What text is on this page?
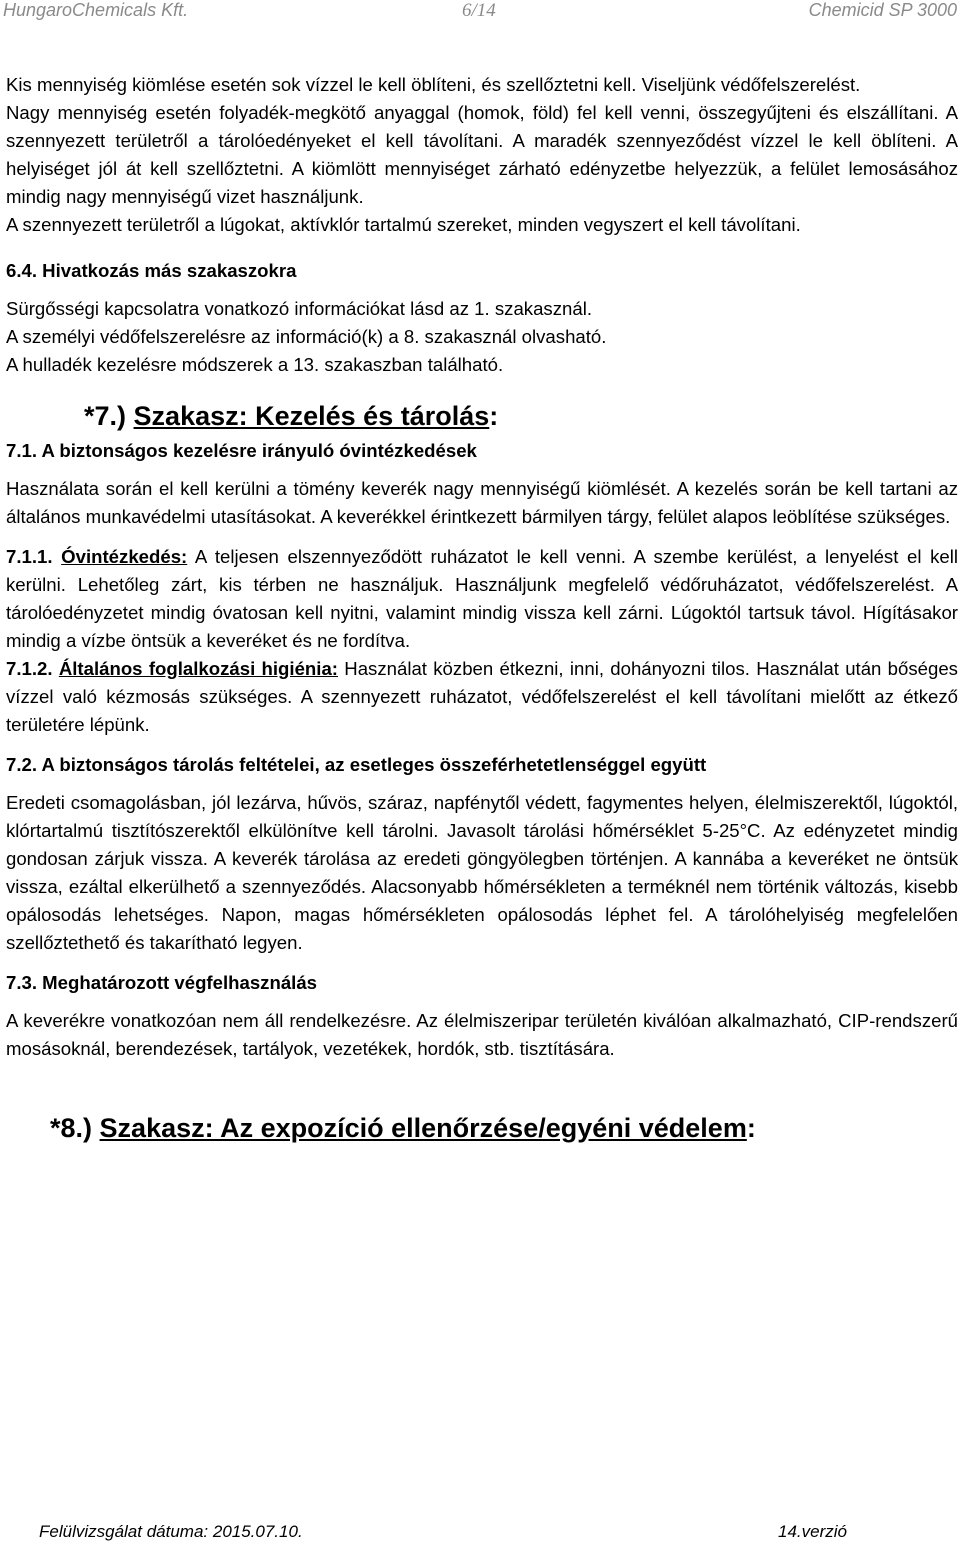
HungaroChemicals Kft.	6/14	Chemicid SP 3000

Kis mennyiség kiömlése esetén sok vízzel le kell öblíteni, és szellőztetni kell. Viseljünk védőfelszerelést.

Nagy mennyiség esetén folyadék-megkötő anyaggal (homok, föld) fel kell venni, összegyűjteni és elszállítani. A szennyezett területről a tárolóedényeket el kell távolítani. A maradék szennyeződést vízzel le kell öblíteni. A helyiséget jól át kell szellőztetni. A kiömlött mennyiséget zárható edényzetbe helyezzük, a felület lemosásához mindig nagy mennyiségű vizet használjunk.

A szennyezett területről a lúgokat, aktívklór tartalmú szereket, minden vegyszert el kell távolítani.

6.4. Hivatkozás más szakaszokra

Sürgősségi kapcsolatra vonatkozó információkat lásd az 1. szakasznál.

A személyi védőfelszerelésre az információ(k) a 8. szakasznál olvasható.

A hulladék kezelésre módszerek a 13. szakaszban található.

*7.) Szakasz: Kezelés és tárolás:

7.1. A biztonságos kezelésre irányuló óvintézkedések

Használata során el kell kerülni a tömény keverék nagy mennyiségű kiömlését. A kezelés során be kell tartani az általános munkavédelmi utasításokat. A keverékkel érintkezett bármilyen tárgy, felület alapos leöblítése szükséges.

7.1.1. Óvintézkedés: A teljesen elszennyeződött ruházatot le kell venni. A szembe kerülést, a lenyelést el kell kerülni. Lehetőleg zárt, kis térben ne használjuk. Használjunk megfelelő védőruházatot, védőfelszerelést. A tárolóedényzetet mindig óvatosan kell nyitni, valamint mindig vissza kell zárni. Lúgoktól tartsuk távol. Hígításakor mindig a vízbe öntsük a keveréket és ne fordítva.

7.1.2. Általános foglalkozási higiénia: Használat közben étkezni, inni, dohányozni tilos. Használat után bőséges vízzel való kézmosás szükséges. A szennyezett ruházatot, védőfelszerelést el kell távolítani mielőtt az étkező területére lépünk.

7.2. A biztonságos tárolás feltételei, az esetleges összeférhetetlenséggel együtt

Eredeti csomagolásban, jól lezárva, hűvös, száraz, napfénytől védett, fagymentes helyen, élelmiszerektől, lúgoktól, klórtartalmú tisztítószerektől elkülönítve kell tárolni. Javasolt tárolási hőmérséklet 5-25°C. Az edényzetet mindig gondosan zárjuk vissza. A keverék tárolása az eredeti göngyölegben történjen. A kannába a keveréket ne öntsük vissza, ezáltal elkerülhető a szennyeződés. Alacsonyabb hőmérsékleten a terméknél nem történik változás, kisebb opálosodás lehetséges. Napon, magas hőmérsékleten opálosodás léphet fel. A tárolóhelyiség megfelelően szellőztethető és takarítható legyen.

7.3. Meghatározott végfelhasználás

A keverékre vonatkozóan nem áll rendelkezésre. Az élelmiszeripar területén kiválóan alkalmazható, CIP-rendszerű mosásoknál, berendezések, tartályok, vezetékek, hordók, stb. tisztítására.

*8.) Szakasz: Az expozíció ellenőrzése/egyéni védelem:
Felülvizsgálat dátuma: 2015.07.10.	14.verzió
